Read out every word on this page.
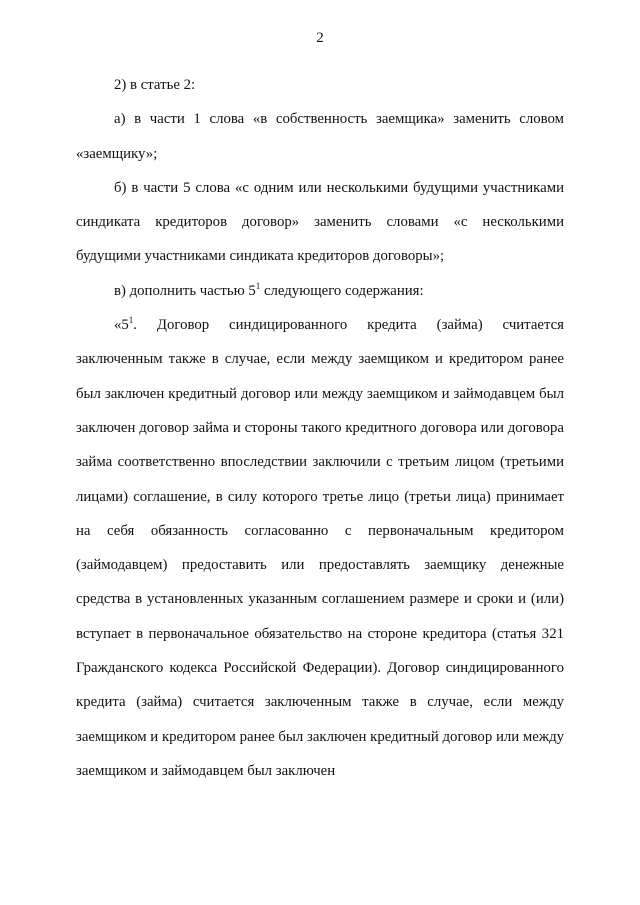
2

2) в статье 2:

а) в части 1 слова «в собственность заемщика» заменить словом «заемщику»;

б) в части 5 слова «с одним или несколькими будущими участниками синдиката кредиторов договор» заменить словами «с несколькими будущими участниками синдиката кредиторов договоры»;

в) дополнить частью $5^1$ следующего содержания:

«$5^1$. Договор синдицированного кредита (займа) считается заключенным также в случае, если между заемщиком и кредитором ранее был заключен кредитный договор или между заемщиком и займодавцем был заключен договор займа и стороны такого кредитного договора или договора займа соответственно впоследствии заключили с третьим лицом (третьими лицами) соглашение, в силу которого третье лицо (третьи лица) принимает на себя обязанность согласованно с первоначальным кредитором (займодавцем) предоставить или предоставлять заемщику денежные средства в установленных указанным соглашением размере и сроки и (или) вступает в первоначальное обязательство на стороне кредитора (статья 321 Гражданского кодекса Российской Федерации). Договор синдицированного кредита (займа) считается заключенным также в случае, если между заемщиком и кредитором ранее был заключен кредитный договор или между заемщиком и займодавцем был заключен
